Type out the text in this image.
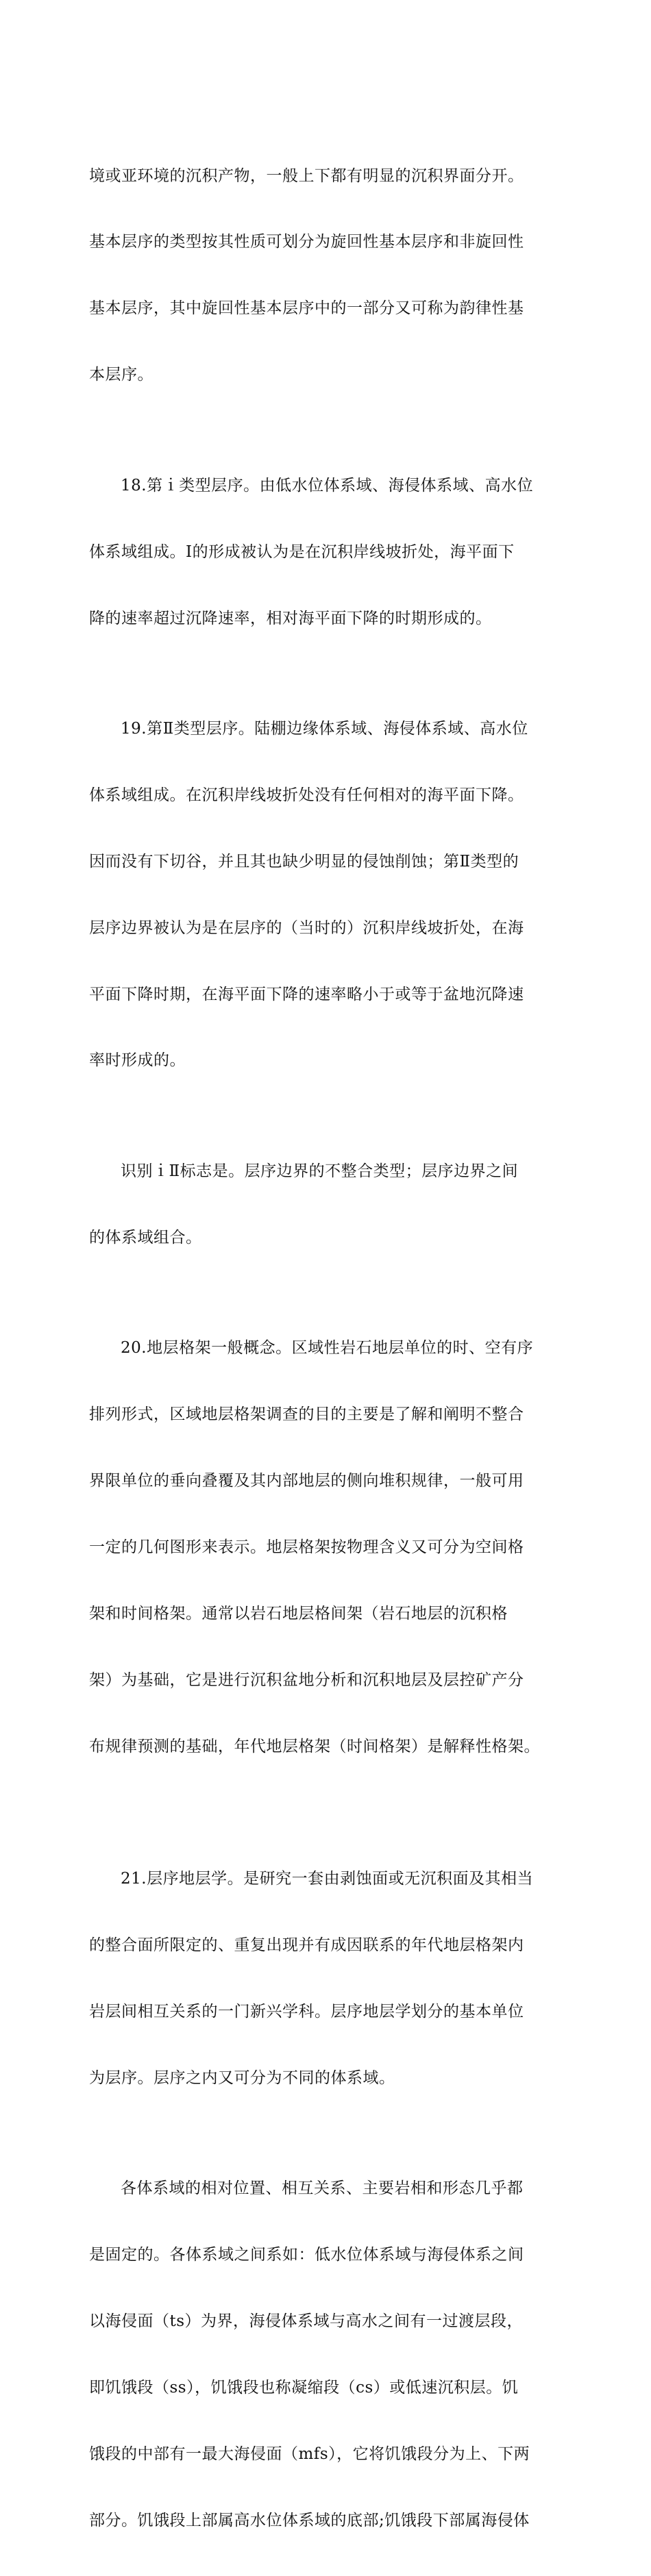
境或亚环境的沉积产物，一般上下都有明显的沉积界面分开。

基本层序的类型按其性质可划分为旋回性基本层序和非旋回性

基本层序，其中旋回性基本层序中的一部分又可称为韵律性基

本层序。

18.第ｉ类型层序。由低水位体系域、海侵体系域、高水位

体系域组成。Ⅰ的形成被认为是在沉积岸线坡折处，海平面下

降的速率超过沉降速率，相对海平面下降的时期形成的。

19.第Ⅱ类型层序。陆棚边缘体系域、海侵体系域、高水位

体系域组成。在沉积岸线坡折处没有任何相对的海平面下降。

因而没有下切谷，并且其也缺少明显的侵蚀削蚀；第Ⅱ类型的

层序边界被认为是在层序的（当时的）沉积岸线坡折处，在海

平面下降时期，在海平面下降的速率略小于或等于盆地沉降速

率时形成的。

识别ｉⅡ标志是。层序边界的不整合类型；层序边界之间

的体系域组合。

20.地层格架一般概念。区域性岩石地层单位的时、空有序

排列形式，区域地层格架调查的目的主要是了解和阐明不整合

界限单位的垂向叠覆及其内部地层的侧向堆积规律，一般可用

一定的几何图形来表示。地层格架按物理含义又可分为空间格

架和时间格架。通常以岩石地层格间架（岩石地层的沉积格

架）为基础，它是进行沉积盆地分析和沉积地层及层控矿产分

布规律预测的基础，年代地层格架（时间格架）是解释性格架。

21.层序地层学。是研究一套由剥蚀面或无沉积面及其相当

的整合面所限定的、重复出现并有成因联系的年代地层格架内

岩层间相互关系的一门新兴学科。层序地层学划分的基本单位

为层序。层序之内又可分为不同的体系域。

各体系域的相对位置、相互关系、主要岩相和形态几乎都

是固定的。各体系域之间系如：低水位体系域与海侵体系之间

以海侵面（ts）为界，海侵体系域与高水之间有一过渡层段，

即饥饿段（ss），饥饿段也称凝缩段（cs）或低速沉积层。饥

饿段的中部有一最大海侵面（mfs），它将饥饿段分为上、下两

部分。饥饿段上部属高水位体系域的底部;饥饿段下部属海侵体
